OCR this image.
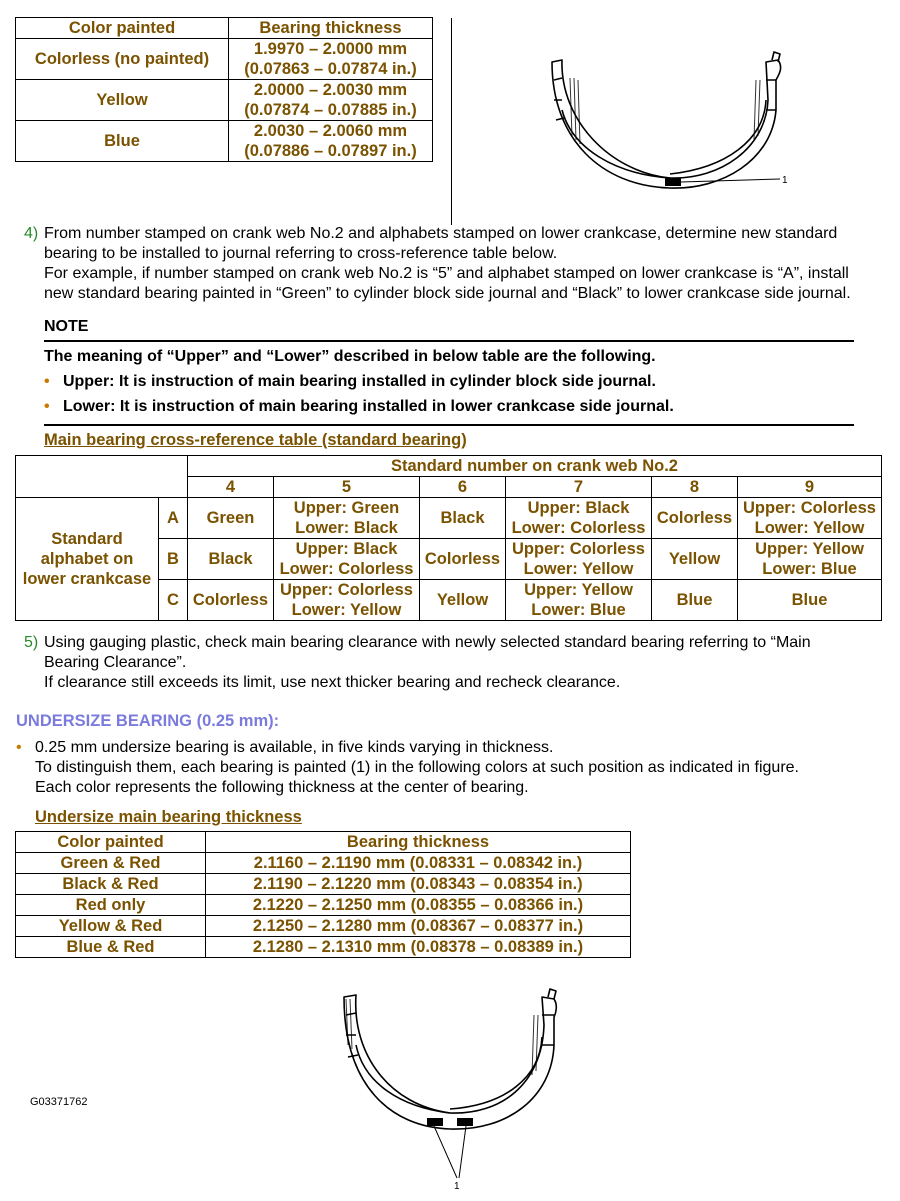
Color painted	Bearing thickness
Colorless (no painted)	1.9970 – 2.0000 mm
(0.07863 – 0.07874 in.)
Yellow	2.0000 – 2.0030 mm
(0.07874 – 0.07885 in.)
Blue	2.0030 – 2.0060 mm
(0.07886 – 0.07897 in.)
1
4) From number stamped on crank web No.2 and alphabets stamped on lower crankcase, determine new standard
bearing to be installed to journal referring to cross-reference table below.
For example, if number stamped on crank web No.2 is “5” and alphabet stamped on lower crankcase is “A”, install
new standard bearing painted in “Green” to cylinder block side journal and “Black” to lower crankcase side journal.
NOTE
The meaning of “Upper” and “Lower” described in below table are the following.
• Upper: It is instruction of main bearing installed in cylinder block side journal.
• Lower: It is instruction of main bearing installed in lower crankcase side journal.
Main bearing cross-reference table (standard bearing)
		Standard number on crank web No.2					
		4	5	6	7	8	9
Standard
alphabet on
lower crankcase	A	Green	Upper: Green
Lower: Black	Black	Upper: Black
Lower: Colorless	Colorless	Upper: Colorless
Lower: Yellow
	B	Black	Upper: Black
Lower: Colorless	Colorless	Upper: Colorless
Lower: Yellow	Yellow	Upper: Yellow
Lower: Blue
	C	Colorless	Upper: Colorless
Lower: Yellow	Yellow	Upper: Yellow
Lower: Blue	Blue	Blue
5) Using gauging plastic, check main bearing clearance with newly selected standard bearing referring to “Main
Bearing Clearance”.
If clearance still exceeds its limit, use next thicker bearing and recheck clearance.
UNDERSIZE BEARING (0.25 mm):
• 0.25 mm undersize bearing is available, in five kinds varying in thickness.
To distinguish them, each bearing is painted (1) in the following colors at such position as indicated in figure.
Each color represents the following thickness at the center of bearing.
Undersize main bearing thickness
Color painted	Bearing thickness
Green & Red	2.1160 – 2.1190 mm (0.08331 – 0.08342 in.)
Black & Red	2.1190 – 2.1220 mm (0.08343 – 0.08354 in.)
Red only	2.1220 – 2.1250 mm (0.08355 – 0.08366 in.)
Yellow & Red	2.1250 – 2.1280 mm (0.08367 – 0.08377 in.)
Blue & Red	2.1280 – 2.1310 mm (0.08378 – 0.08389 in.)
1
G03371762
